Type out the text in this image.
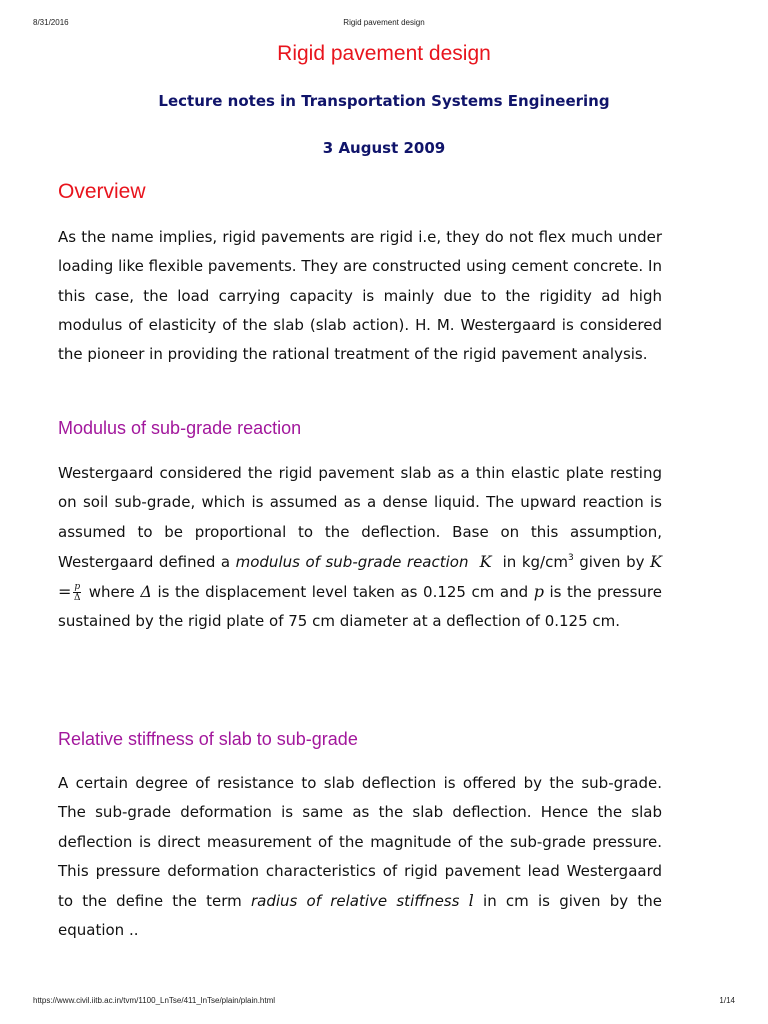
8/31/2016	Rigid pavement design
Rigid pavement design
Lecture notes in Transportation Systems Engineering
3 August 2009
Overview
As the name implies, rigid pavements are rigid i.e, they do not flex much under loading like flexible pavements. They are constructed using cement concrete. In this case, the load carrying capacity is mainly due to the rigidity ad high modulus of elasticity of the slab (slab action). H. M. Westergaard is considered the pioneer in providing the rational treatment of the rigid pavement analysis.
Modulus of sub-grade reaction
Westergaard considered the rigid pavement slab as a thin elastic plate resting on soil sub-grade, which is assumed as a dense liquid. The upward reaction is assumed to be proportional to the deflection. Base on this assumption, Westergaard defined a modulus of sub-grade reaction K in $kg/cm^3$ given by $K = \frac{p}{\Delta}$ where Δ is the displacement level taken as 0.125 cm and p is the pressure sustained by the rigid plate of 75 cm diameter at a deflection of 0.125 cm.
Relative stiffness of slab to sub-grade
A certain degree of resistance to slab deflection is offered by the sub-grade. The sub-grade deformation is same as the slab deflection. Hence the slab deflection is direct measurement of the magnitude of the sub-grade pressure. This pressure deformation characteristics of rigid pavement lead Westergaard to the define the term radius of relative stiffness l in cm is given by the equation ..
https://www.civil.iitb.ac.in/tvm/1100_LnTse/411_lnTse/plain/plain.html	1/14
